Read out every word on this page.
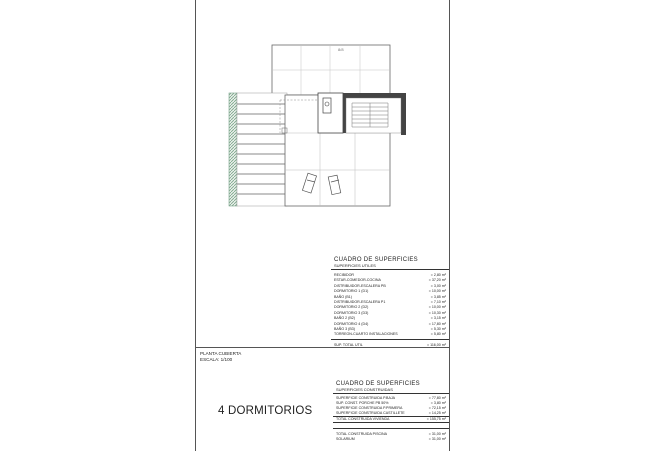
8/8
CUADRO DE SUPERFICIES
SUPERFICIES UTILES
RECIBIDOR	= 2,80 m²
ESTAR-COMEDOR-COCINA	= 37,20 m²
DISTRIBUIDOR-ESCALERA PB	= 3,00 m²
DORMITORIO 1 (D1)	= 10,00 m²
BAÑO (B1)	= 3,85 m²
DISTRIBUIDOR-ESCALERA P1	= 7,10 m²
DORMITORIO 2 (D2)	= 10,00 m²
DORMITORIO 3 (D3)	= 10,30 m²
BAÑO 2 (B2)	= 3,15 m²
DORMITORIO 4 (D4)	= 17,80 m²
BAÑO 3 (B3)	= 5,30 m²
TORREON-CUARTO INSTALACIONES	= 5,80 m²
SUP. TOTAL UTIL	= 116,00 m²
PLANTA CUBIERTA
ESCALA: 1/100
CUADRO DE SUPERFICIES
SUPERFICIES CONSTRUIDAS
SUPERFICIE CONSTRUIDA P.BAJA	= 77,80 m²
SUP. CONST. PORCHE PB 50%	= 3,80 m²
SUPERFICIE CONSTRUIDA P.PRIMERA	= 72,15 m²
SUPERFICIE CONSTRUIDA CASTILLETE	= 14,25 m²
TOTAL CONSTRUIDA VIVIENDA	= 155,75 m²
TOTAL CONSTRUIDA PISCINA	= 31,00 m²
SOLARIUM	= 31,00 m²
4 DORMITORIOS
